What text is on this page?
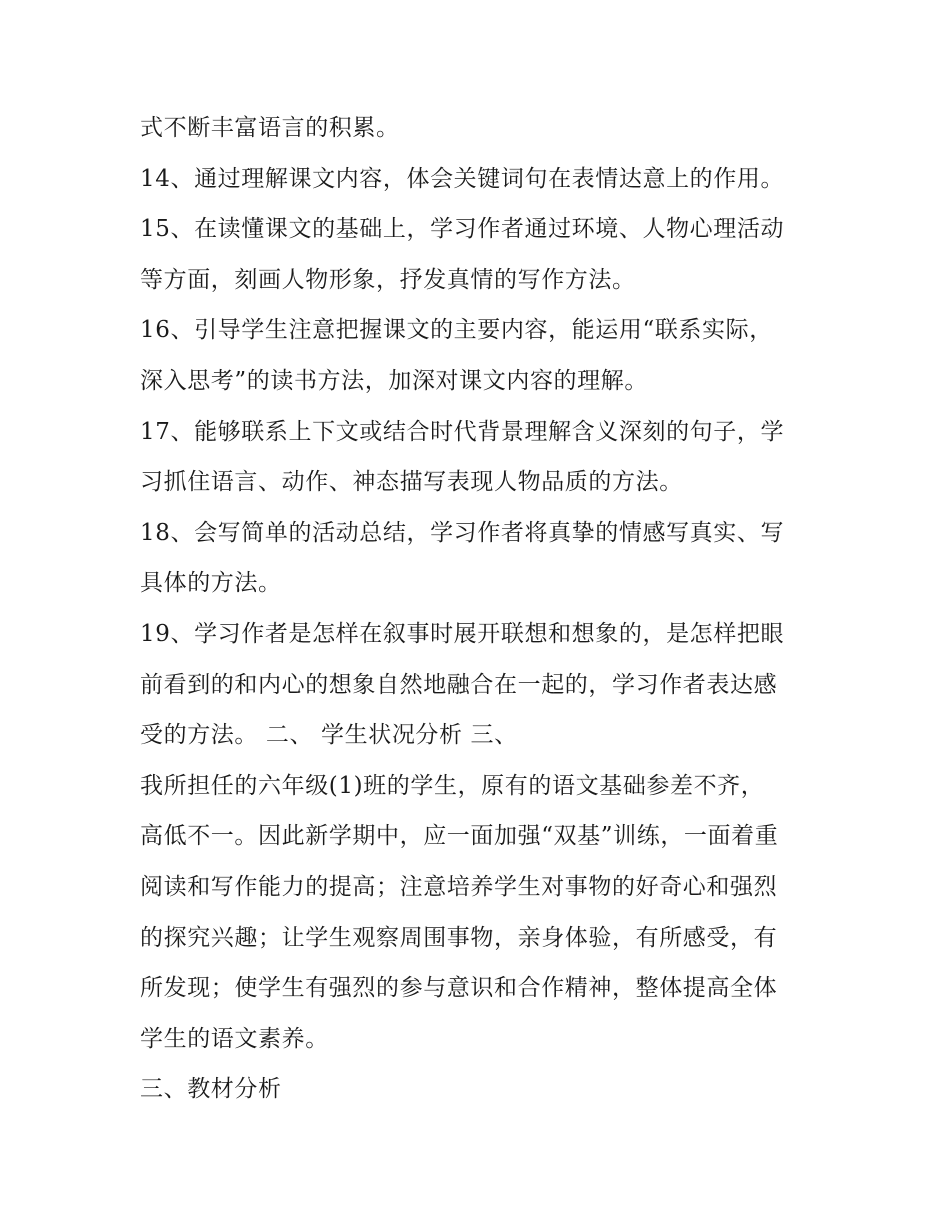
式不断丰富语言的积累。
14、通过理解课文内容，体会关键词句在表情达意上的作用。
15、在读懂课文的基础上，学习作者通过环境、人物心理活动
等方面，刻画人物形象，抒发真情的写作方法。
16、引导学生注意把握课文的主要内容，能运用“联系实际，
深入思考”的读书方法，加深对课文内容的理解。
17、能够联系上下文或结合时代背景理解含义深刻的句子，学
习抓住语言、动作、神态描写表现人物品质的方法。
18、会写简单的活动总结，学习作者将真挚的情感写真实、写
具体的方法。
19、学习作者是怎样在叙事时展开联想和想象的，是怎样把眼
前看到的和内心的想象自然地融合在一起的，学习作者表达感
受的方法。 二、 学生状况分析 三、
我所担任的六年级(1)班的学生，原有的语文基础参差不齐，
高低不一。因此新学期中，应一面加强“双基”训练，一面着重
阅读和写作能力的提高；注意培养学生对事物的好奇心和强烈
的探究兴趣；让学生观察周围事物，亲身体验，有所感受，有
所发现；使学生有强烈的参与意识和合作精神，整体提高全体
学生的语文素养。
三、教材分析
